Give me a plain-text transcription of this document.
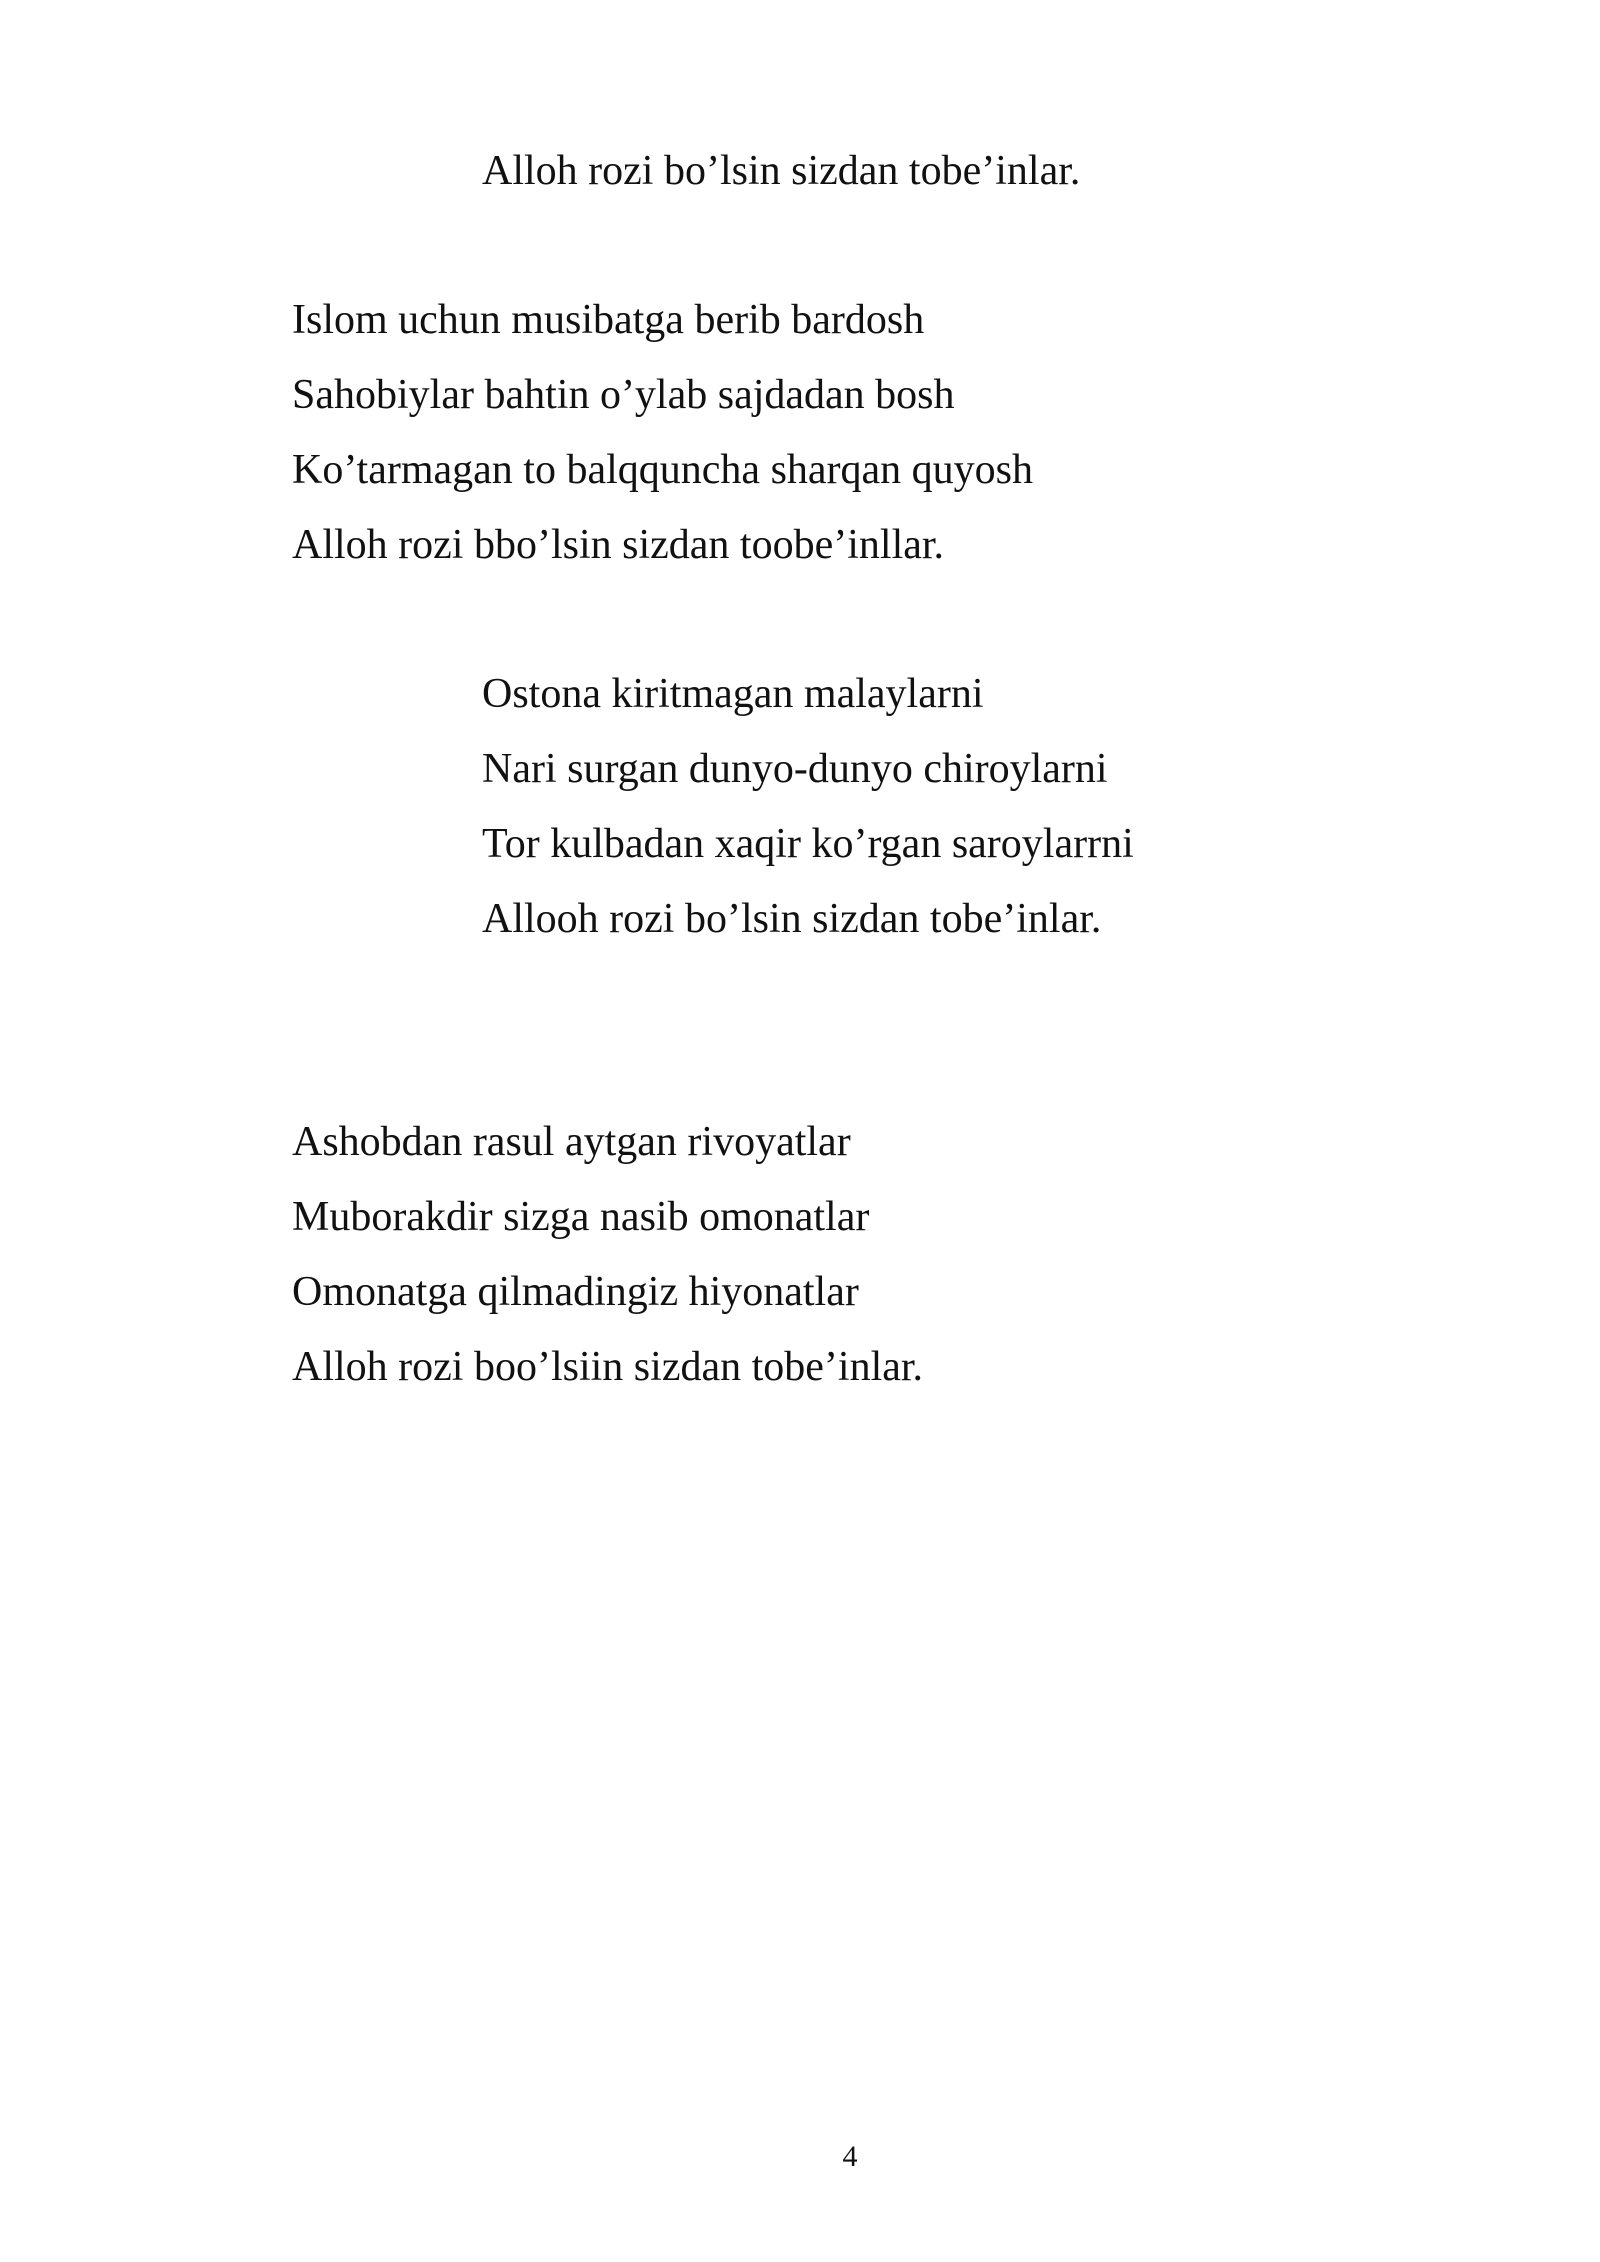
Alloh rozi bo’lsin sizdan tobe’inlar.
Islom uchun musibatga berib bardosh
Sahobiylar bahtin o’ylab sajdadan bosh
Ko’tarmagan to balqquncha sharqan quyosh
Alloh rozi bbo’lsin sizdan toobe’inllar.
Ostona kiritmagan malaylarni
Nari surgan dunyo-dunyo chiroylarni
Tor kulbadan xaqir ko’rgan saroylarrni
Allooh rozi bo’lsin sizdan tobe’inlar.
Ashobdan rasul aytgan rivoyatlar
Muborakdir sizga nasib omonatlar
Omonatga qilmadingiz hiyonatlar
Alloh rozi boo’lsiin sizdan tobe’inlar.
4
